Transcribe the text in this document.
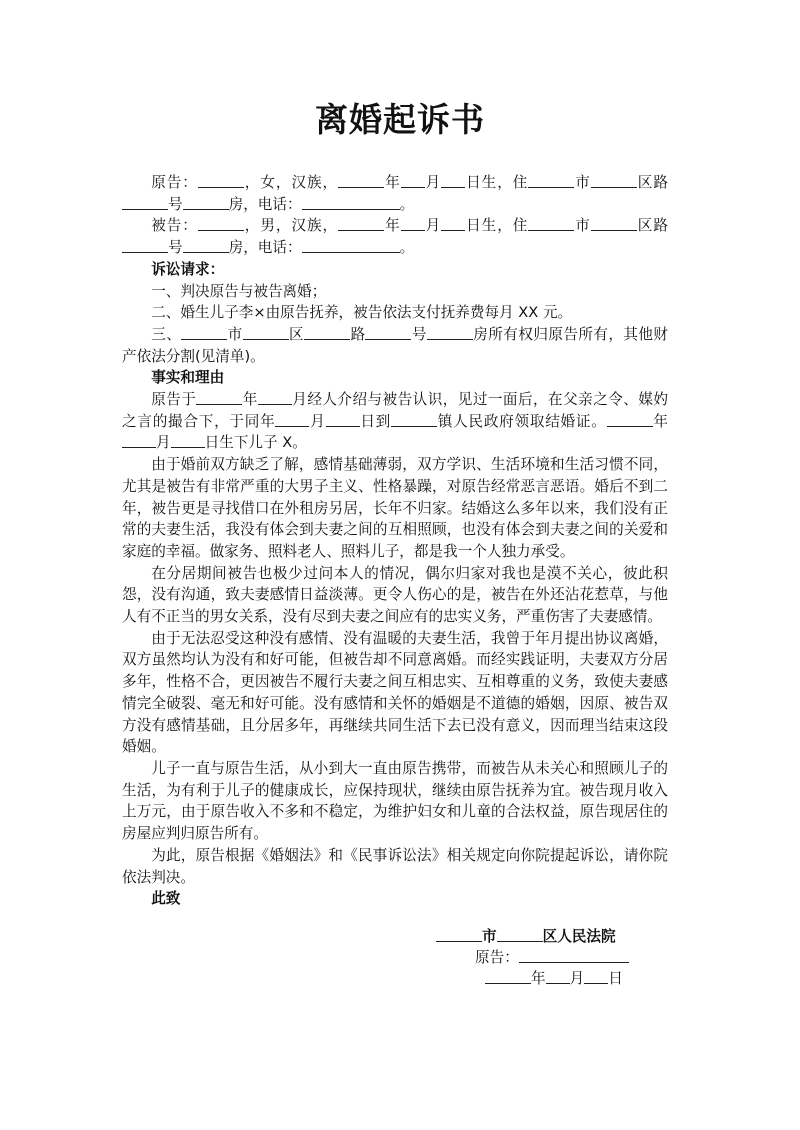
离婚起诉书

原告：	，女，汉族，	年 月 日生，住	市	区路号	房，电话：	。

被告：	，男，汉族，	年 月 日生，住	市	区路号	房，电话：	。

诉讼请求：

一、判决原告与被告离婚；

二、婚生儿子李×由原告抚养，被告依法支付抚养费每月 XX 元。

三、	市	区	路	号	房所有权归原告所有，其他财产依法分割(见清单)。

事实和理由

原告于	年 月经人介绍与被告认识，见过一面后，在父亲之令、媒妁之言的撮合下，于同年 月 日到	镇人民政府领取结婚证。	年月 日生下儿子 X。

由于婚前双方缺乏了解，感情基础薄弱，双方学识、生活环境和生活习惯不同，尤其是被告有非常严重的大男子主义、性格暴躁，对原告经常恶言恶语。婚后不到二年，被告更是寻找借口在外租房另居，长年不归家。结婚这么多年以来，我们没有正常的夫妻生活，我没有体会到夫妻之间的互相照顾，也没有体会到夫妻之间的关爱和家庭的幸福。做家务、照料老人、照料儿子，都是我一个人独力承受。

在分居期间被告也极少过问本人的情况，偶尔归家对我也是漠不关心，彼此积怨，没有沟通，致夫妻感情日益淡薄。更令人伤心的是，被告在外还沾花惹草，与他人有不正当的男女关系，没有尽到夫妻之间应有的忠实义务，严重伤害了夫妻感情。

由于无法忍受这种没有感情、没有温暖的夫妻生活，我曾于年月提出协议离婚，双方虽然均认为没有和好可能，但被告却不同意离婚。而经实践证明，夫妻双方分居多年，性格不合，更因被告不履行夫妻之间互相忠实、互相尊重的义务，致使夫妻感情完全破裂、毫无和好可能。没有感情和关怀的婚姻是不道德的婚姻，因原、被告双方没有感情基础，且分居多年，再继续共同生活下去已没有意义，因而理当结束这段婚姻。

儿子一直与原告生活，从小到大一直由原告携带，而被告从未关心和照顾儿子的生活，为有利于儿子的健康成长，应保持现状，继续由原告抚养为宜。被告现月收入上万元，由于原告收入不多和不稳定，为维护妇女和儿童的合法权益，原告现居住的房屋应判归原告所有。

为此，原告根据《婚姻法》和《民事诉讼法》相关规定向你院提起诉讼，请你院依法判决。

此致

市	区人民法院
原告：
年 月 日
